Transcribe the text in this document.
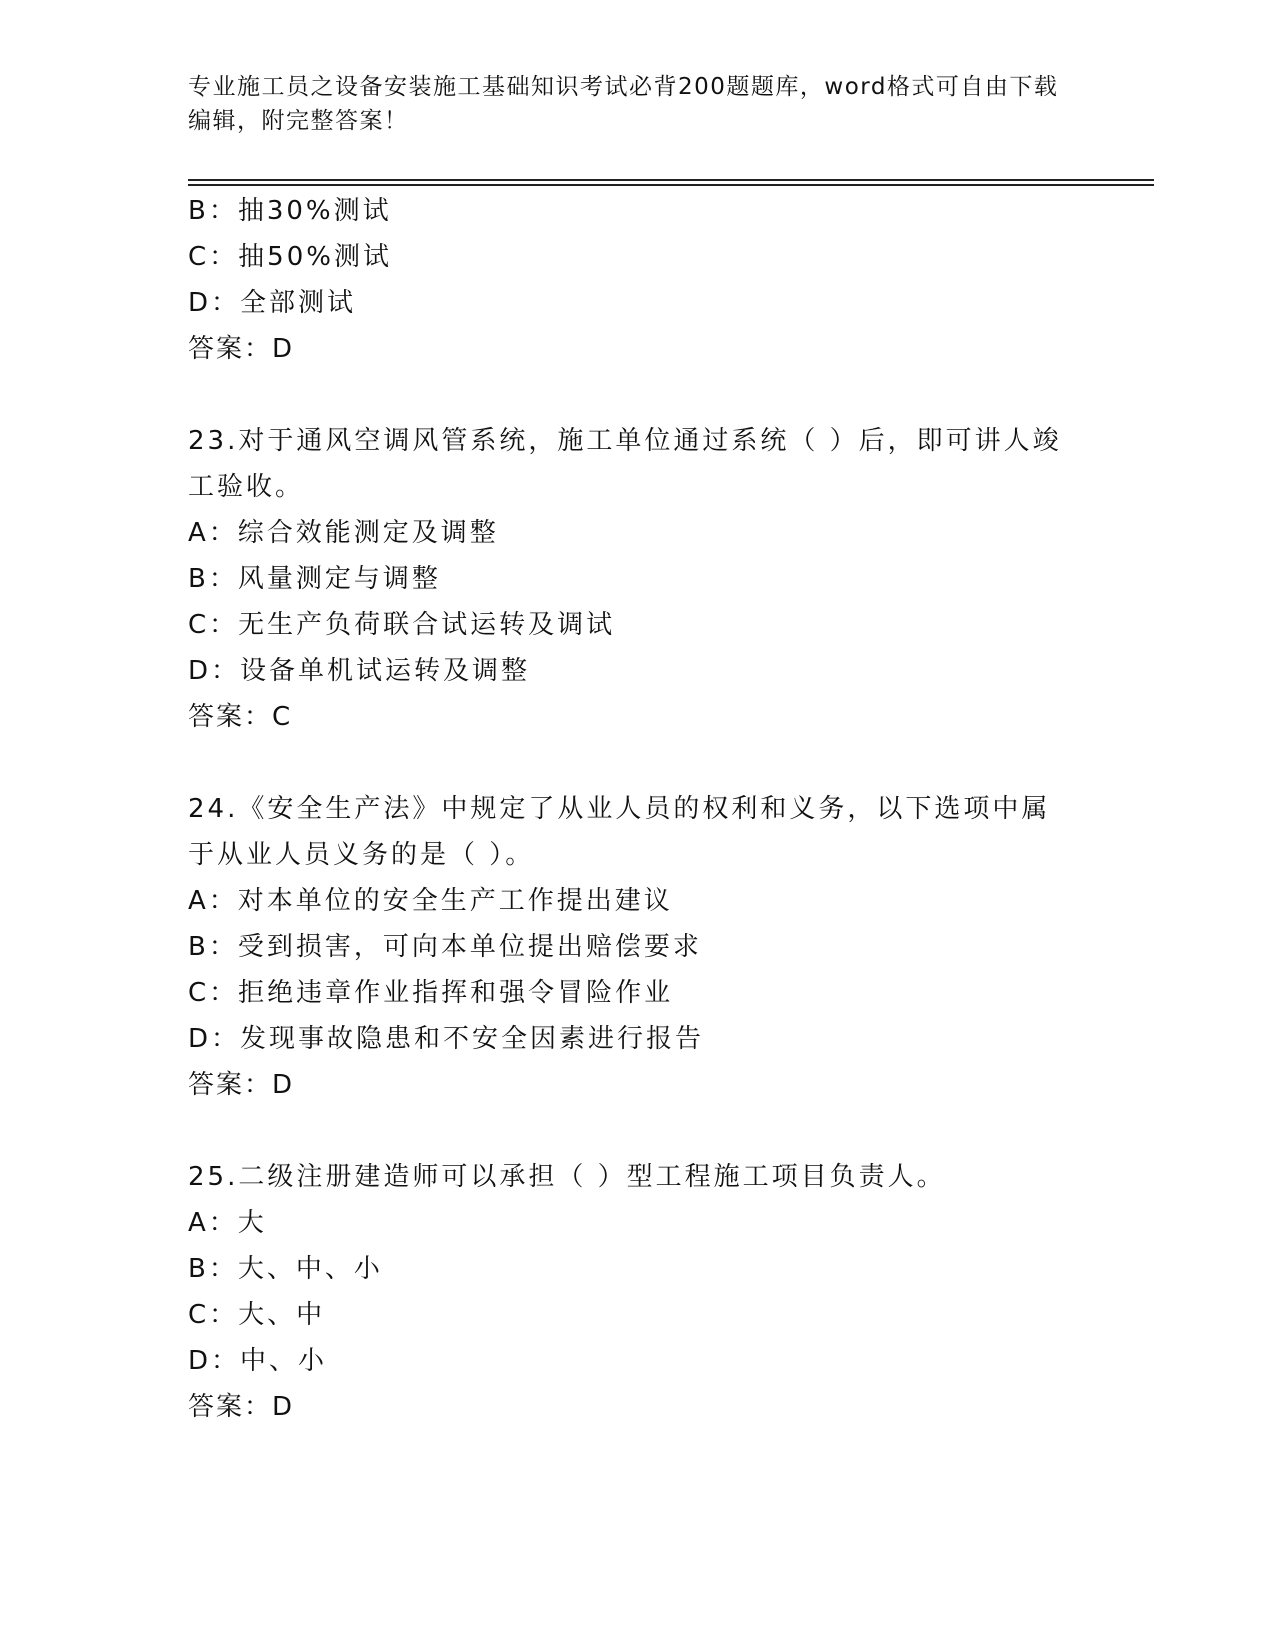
专业施工员之设备安装施工基础知识考试必背200题题库，word格式可自由下载编辑，附完整答案！

B：抽30%测试

C：抽50%测试

D：全部测试

答案：D

23.对于通风空调风管系统，施工单位通过系统（ ）后，即可讲人竣工验收。

A：综合效能测定及调整

B：风量测定与调整

C：无生产负荷联合试运转及调试

D：设备单机试运转及调整

答案：C

24.《安全生产法》中规定了从业人员的权利和义务，以下选项中属于从业人员义务的是（ ）。

A：对本单位的安全生产工作提出建议

B：受到损害，可向本单位提出赔偿要求

C：拒绝违章作业指挥和强令冒险作业

D：发现事故隐患和不安全因素进行报告

答案：D

25.二级注册建造师可以承担（ ）型工程施工项目负责人。

A：大

B：大、中、小

C：大、中

D：中、小

答案：D
